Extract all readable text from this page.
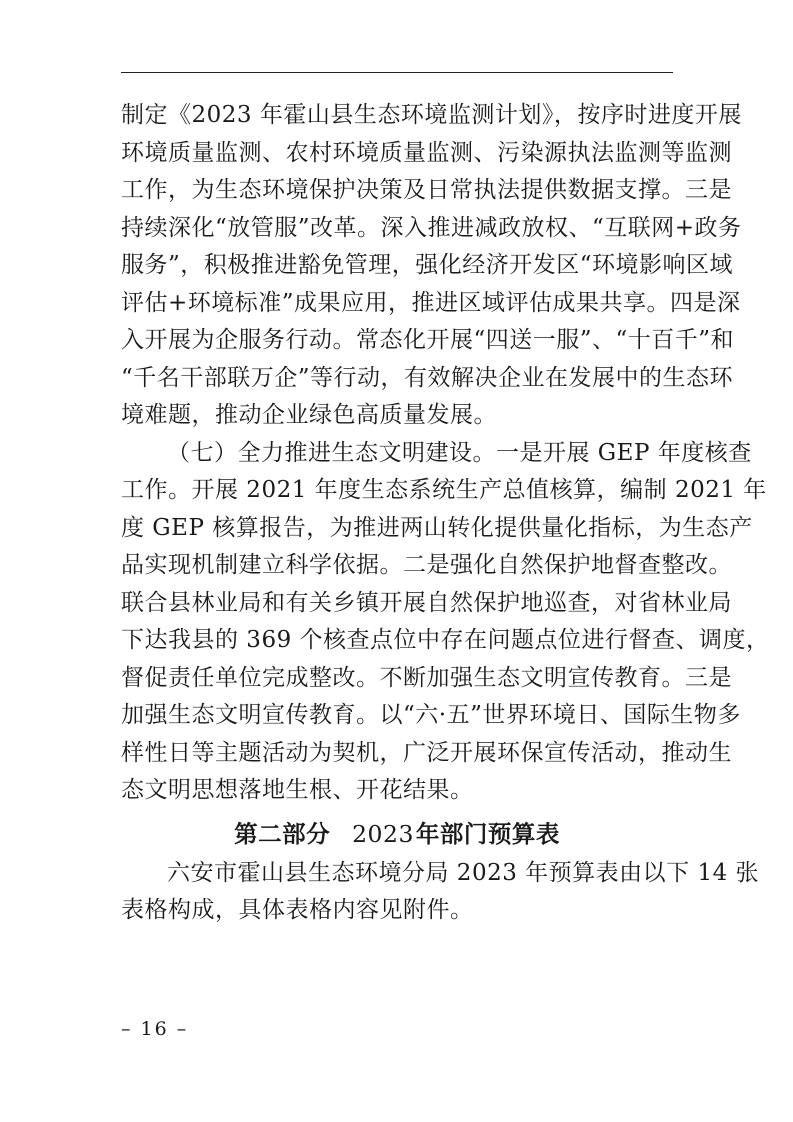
制定《2023 年霍山县生态环境监测计划》，按序时进度开展
环境质量监测、农村环境质量监测、污染源执法监测等监测
工作，为生态环境保护决策及日常执法提供数据支撑。三是
持续深化“放管服”改革。深入推进减政放权、“互联网+政务
服务”，积极推进豁免管理，强化经济开发区“环境影响区域
评估+环境标准”成果应用，推进区域评估成果共享。四是深
入开展为企服务行动。常态化开展“四送一服”、“十百千”和
“千名干部联万企”等行动，有效解决企业在发展中的生态环
境难题，推动企业绿色高质量发展。
（七）全力推进生态文明建设。一是开展 GEP 年度核查
工作。开展 2021 年度生态系统生产总值核算，编制 2021 年
度 GEP 核算报告，为推进两山转化提供量化指标，为生态产
品实现机制建立科学依据。二是强化自然保护地督查整改。
联合县林业局和有关乡镇开展自然保护地巡查，对省林业局
下达我县的 369 个核查点位中存在问题点位进行督查、调度，
督促责任单位完成整改。不断加强生态文明宣传教育。三是
加强生态文明宣传教育。以“六·五”世界环境日、国际生物多
样性日等主题活动为契机，广泛开展环保宣传活动，推动生
态文明思想落地生根、开花结果。
第二部分 2023年部门预算表
六安市霍山县生态环境分局 2023 年预算表由以下 14 张
表格构成，具体表格内容见附件。
– 16 –
